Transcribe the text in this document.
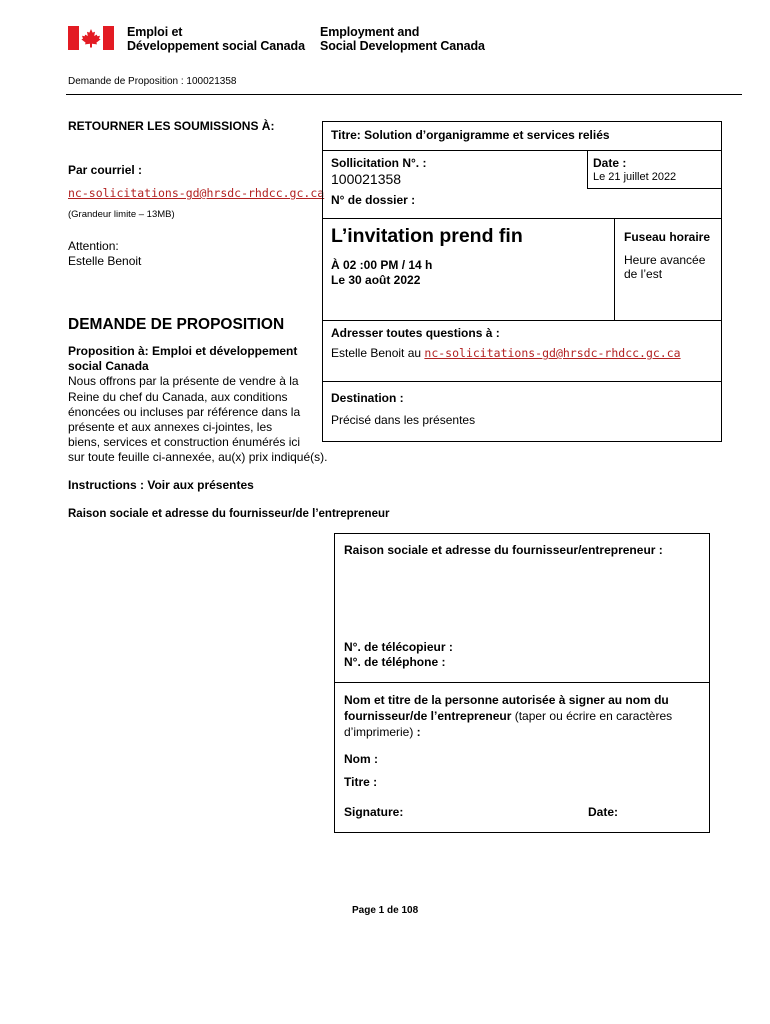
Emploi et
Développement social Canada
Employment and
Social Development Canada
Demande de Proposition : 100021358
RETOURNER LES SOUMISSIONS À:
Par courriel :
nc-solicitations-gd@hrsdc-rhdcc.gc.ca
(Grandeur limite – 13MB)
Attention:
Estelle Benoit
DEMANDE DE PROPOSITION
Proposition à: Emploi et développement
social Canada
Nous offrons par la présente de vendre à la
Reine du chef du Canada, aux conditions
énoncées ou incluses par référence dans la
présente et aux annexes ci-jointes, les
biens, services et construction énumérés ici
sur toute feuille ci-annexée, au(x) prix indiqué(s).
Instructions : Voir aux présentes
Raison sociale et adresse du fournisseur/de l’entrepreneur
Titre: Solution d’organigramme et services reliés
Sollicitation N°. :
100021358
Date :
Le 21 juillet 2022
N° de dossier :
L’invitation prend fin
À 02 :00 PM / 14 h
Le 30 août 2022
Fuseau horaire
Heure avancée
de l’est
Adresser toutes questions à :
Estelle Benoit au nc-solicitations-gd@hrsdc-rhdcc.gc.ca
Destination :
Précisé dans les présentes
Raison sociale et adresse du fournisseur/entrepreneur :
N°. de télécopieur :
N°. de téléphone :
Nom et titre de la personne autorisée à signer au nom du
fournisseur/de l’entrepreneur (taper ou écrire en caractères
d’imprimerie) :
Nom :
Titre :
Signature:	Date:
Page 1 de 108
